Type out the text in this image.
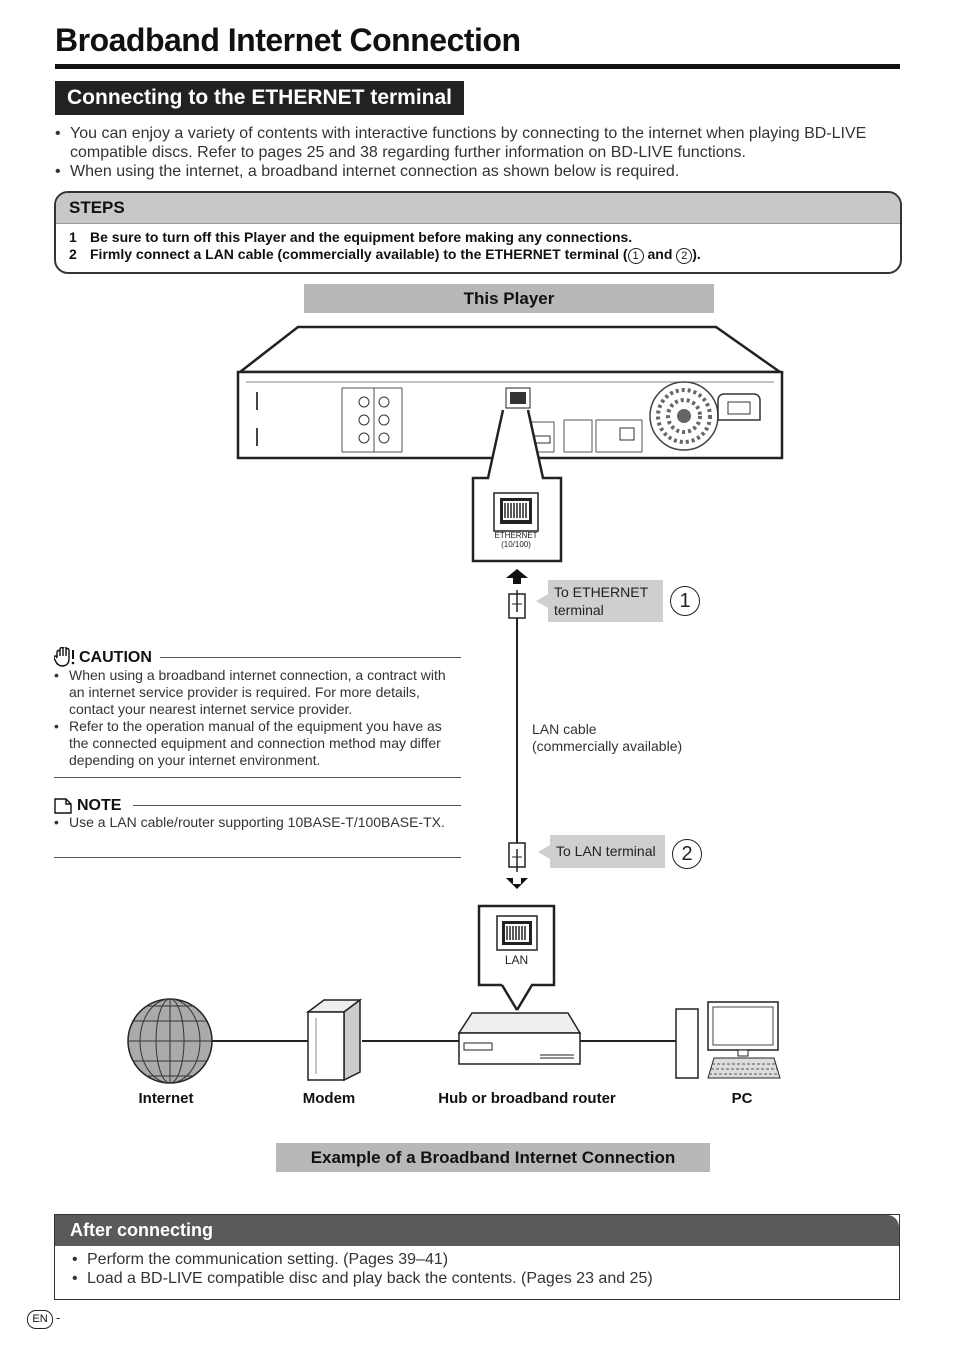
Broadband Internet Connection
Connecting to the ETHERNET terminal
• You can enjoy a variety of contents with interactive functions by connecting to the internet when playing BD-LIVE compatible discs. Refer to pages 25 and 38 regarding further information on BD-LIVE functions.
• When using the internet, a broadband internet connection as shown below is required.
STEPS
1 Be sure to turn off this Player and the equipment before making any connections.
2 Firmly connect a LAN cable (commercially available) to the ETHERNET terminal ( 1 and 2 ).
This Player
ETHERNET
(10/100)
To ETHERNET terminal	1
LAN cable
(commercially available)
To LAN terminal	2
LAN
Internet	Modem	Hub or broadband router	PC
Example of a Broadband Internet Connection
CAUTION
• When using a broadband internet connection, a contract with an internet service provider is required. For more details, contact your nearest internet service provider.
• Refer to the operation manual of the equipment you have as the connected equipment and connection method may differ depending on your internet environment.
NOTE
• Use a LAN cable/router supporting 10BASE-T/100BASE-TX.
After connecting
• Perform the communication setting. (Pages 39–41)
• Load a BD-LIVE compatible disc and play back the contents. (Pages 23 and 25)
EN -
